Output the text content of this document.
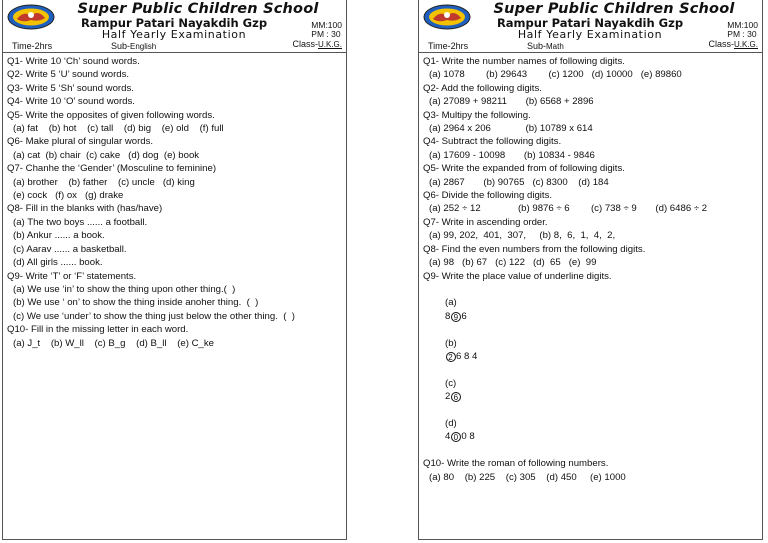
Super Public Children School
Rampur Patari Nayakdih Gzp
Half Yearly Examination
MM:100
PM : 30
Time-2hrs	Sub-English	Class-U.K.G.
Q1- Write 10 ‘Ch’ sound words.
Q2- Write 5 ‘U’ sound words.
Q3- Write 5 ‘Sh’ sound words.
Q4- Write 10 ‘O’ sound words.
Q5- Write the opposites of given following words.
(a) fat    (b) hot    (c) tall    (d) big    (e) old    (f) full
Q6- Make plural of singular words.
(a) cat  (b) chair  (c) cake   (d) dog  (e) book
Q7- Chanhe the ‘Gender’ (Mosculine to feminine)
(a) brother    (b) father    (c) uncle   (d) king
(e) cock   (f) ox   (g) drake
Q8- Fill in the blanks with (has/have)
(a) The two boys ...... a football.
(b) Ankur ...... a book.
(c) Aarav ...... a basketball.
(d) All girls ...... book.
Q9- Write ‘T’ or ‘F’ statements.
(a) We use ‘in’ to show the thing upon other thing.(  )
(b) We use ‘ on’ to show the thing inside anoher thing.  (  )
(c) We use ‘under’ to show the thing just below the other thing.  (  )
Q10- Fill in the missing letter in each word.
(a) J_t    (b) W_ll    (c) B_g    (d) B_ll    (e) C_ke
Super Public Children School
Rampur Patari Nayakdih Gzp
Half Yearly Examination
MM:100
PM : 30
Time-2hrs	Sub-Math	Class-U.K.G.
Q1- Write the number names of following digits.
(a) 1078        (b) 29643        (c) 1200   (d) 10000   (e) 89860
Q2- Add the following digits.
(a) 27089 + 98211       (b) 6568 + 2896
Q3- Multipy the following.
(a) 2964 x 206             (b) 10789 x 614
Q4- Subtract the following digits.
(a) 17609 - 10098       (b) 10834 - 9846
Q5- Write the expanded from of following digits.
(a) 2867       (b) 90765   (c) 8300    (d) 184
Q6- Divide the following digits.
(a) 252 ÷ 12              (b) 9876 ÷ 6        (c) 738 ÷ 9       (d) 6486 ÷ 2
Q7- Write in ascending order.
(a) 99, 202,  401,  307,     (b) 8,  6,  1,  4,  2,
Q8- Find the even numbers from the following digits.
(a) 98   (b) 67   (c) 122   (d)  65   (e)  99
Q9- Write the place value of underline digits.

(a)
8 9 6

(b)
2 6 8 4

(c)
2 6

(d)
4 0 0 8

Q10- Write the roman of following numbers.
(a) 80    (b) 225    (c) 305    (d) 450     (e) 1000
